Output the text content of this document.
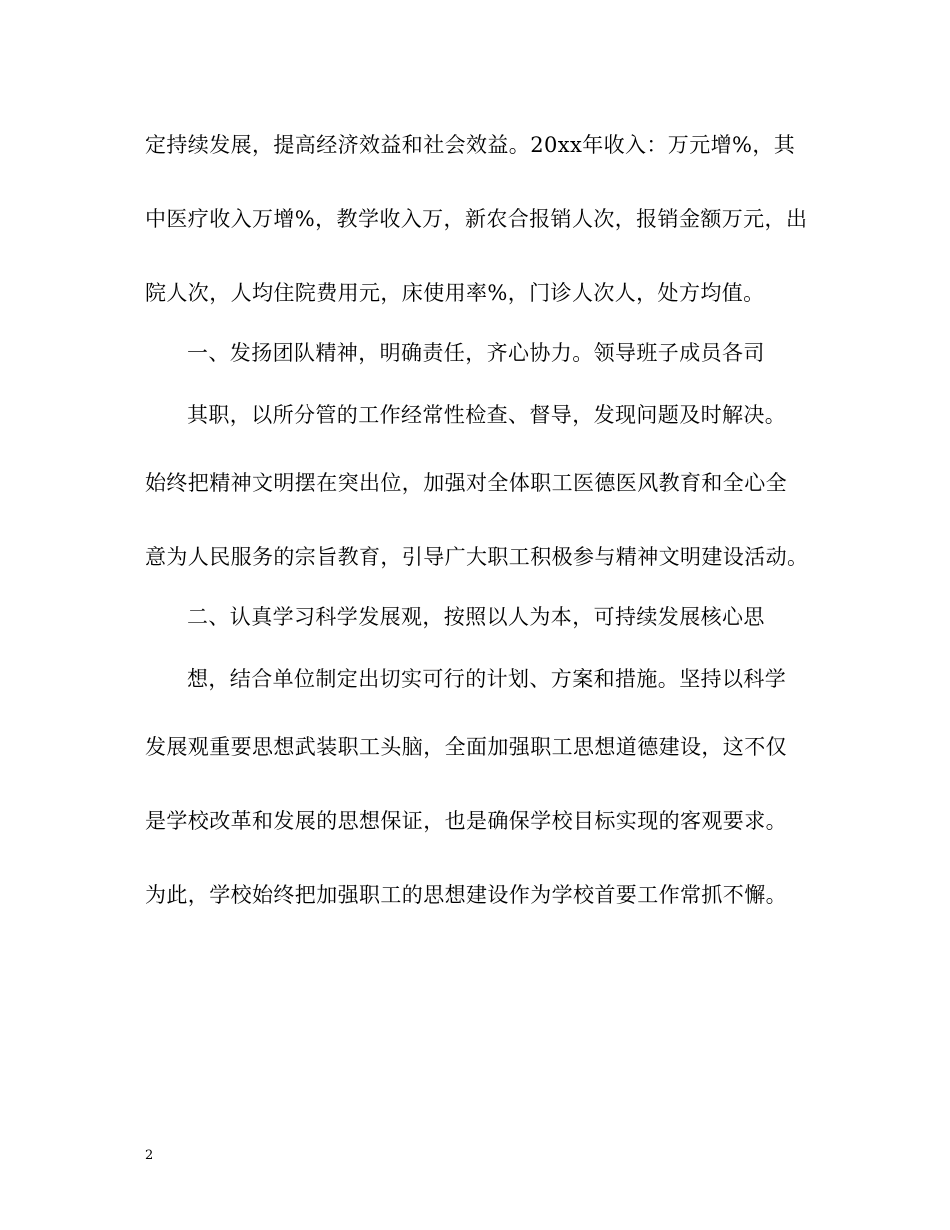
定持续发展，提高经济效益和社会效益。20xx年收入：万元增%，其
中医疗收入万增%，教学收入万，新农合报销人次，报销金额万元，出
院人次，人均住院费用元，床使用率%，门诊人次人，处方均值。
一、发扬团队精神，明确责任，齐心协力。领导班子成员各司
其职，以所分管的工作经常性检查、督导，发现问题及时解决。
始终把精神文明摆在突出位，加强对全体职工医德医风教育和全心全
意为人民服务的宗旨教育，引导广大职工积极参与精神文明建设活动。
二、认真学习科学发展观，按照以人为本，可持续发展核心思
想，结合单位制定出切实可行的计划、方案和措施。坚持以科学
发展观重要思想武装职工头脑，全面加强职工思想道德建设，这不仅
是学校改革和发展的思想保证，也是确保学校目标实现的客观要求。
为此，学校始终把加强职工的思想建设作为学校首要工作常抓不懈。
2
